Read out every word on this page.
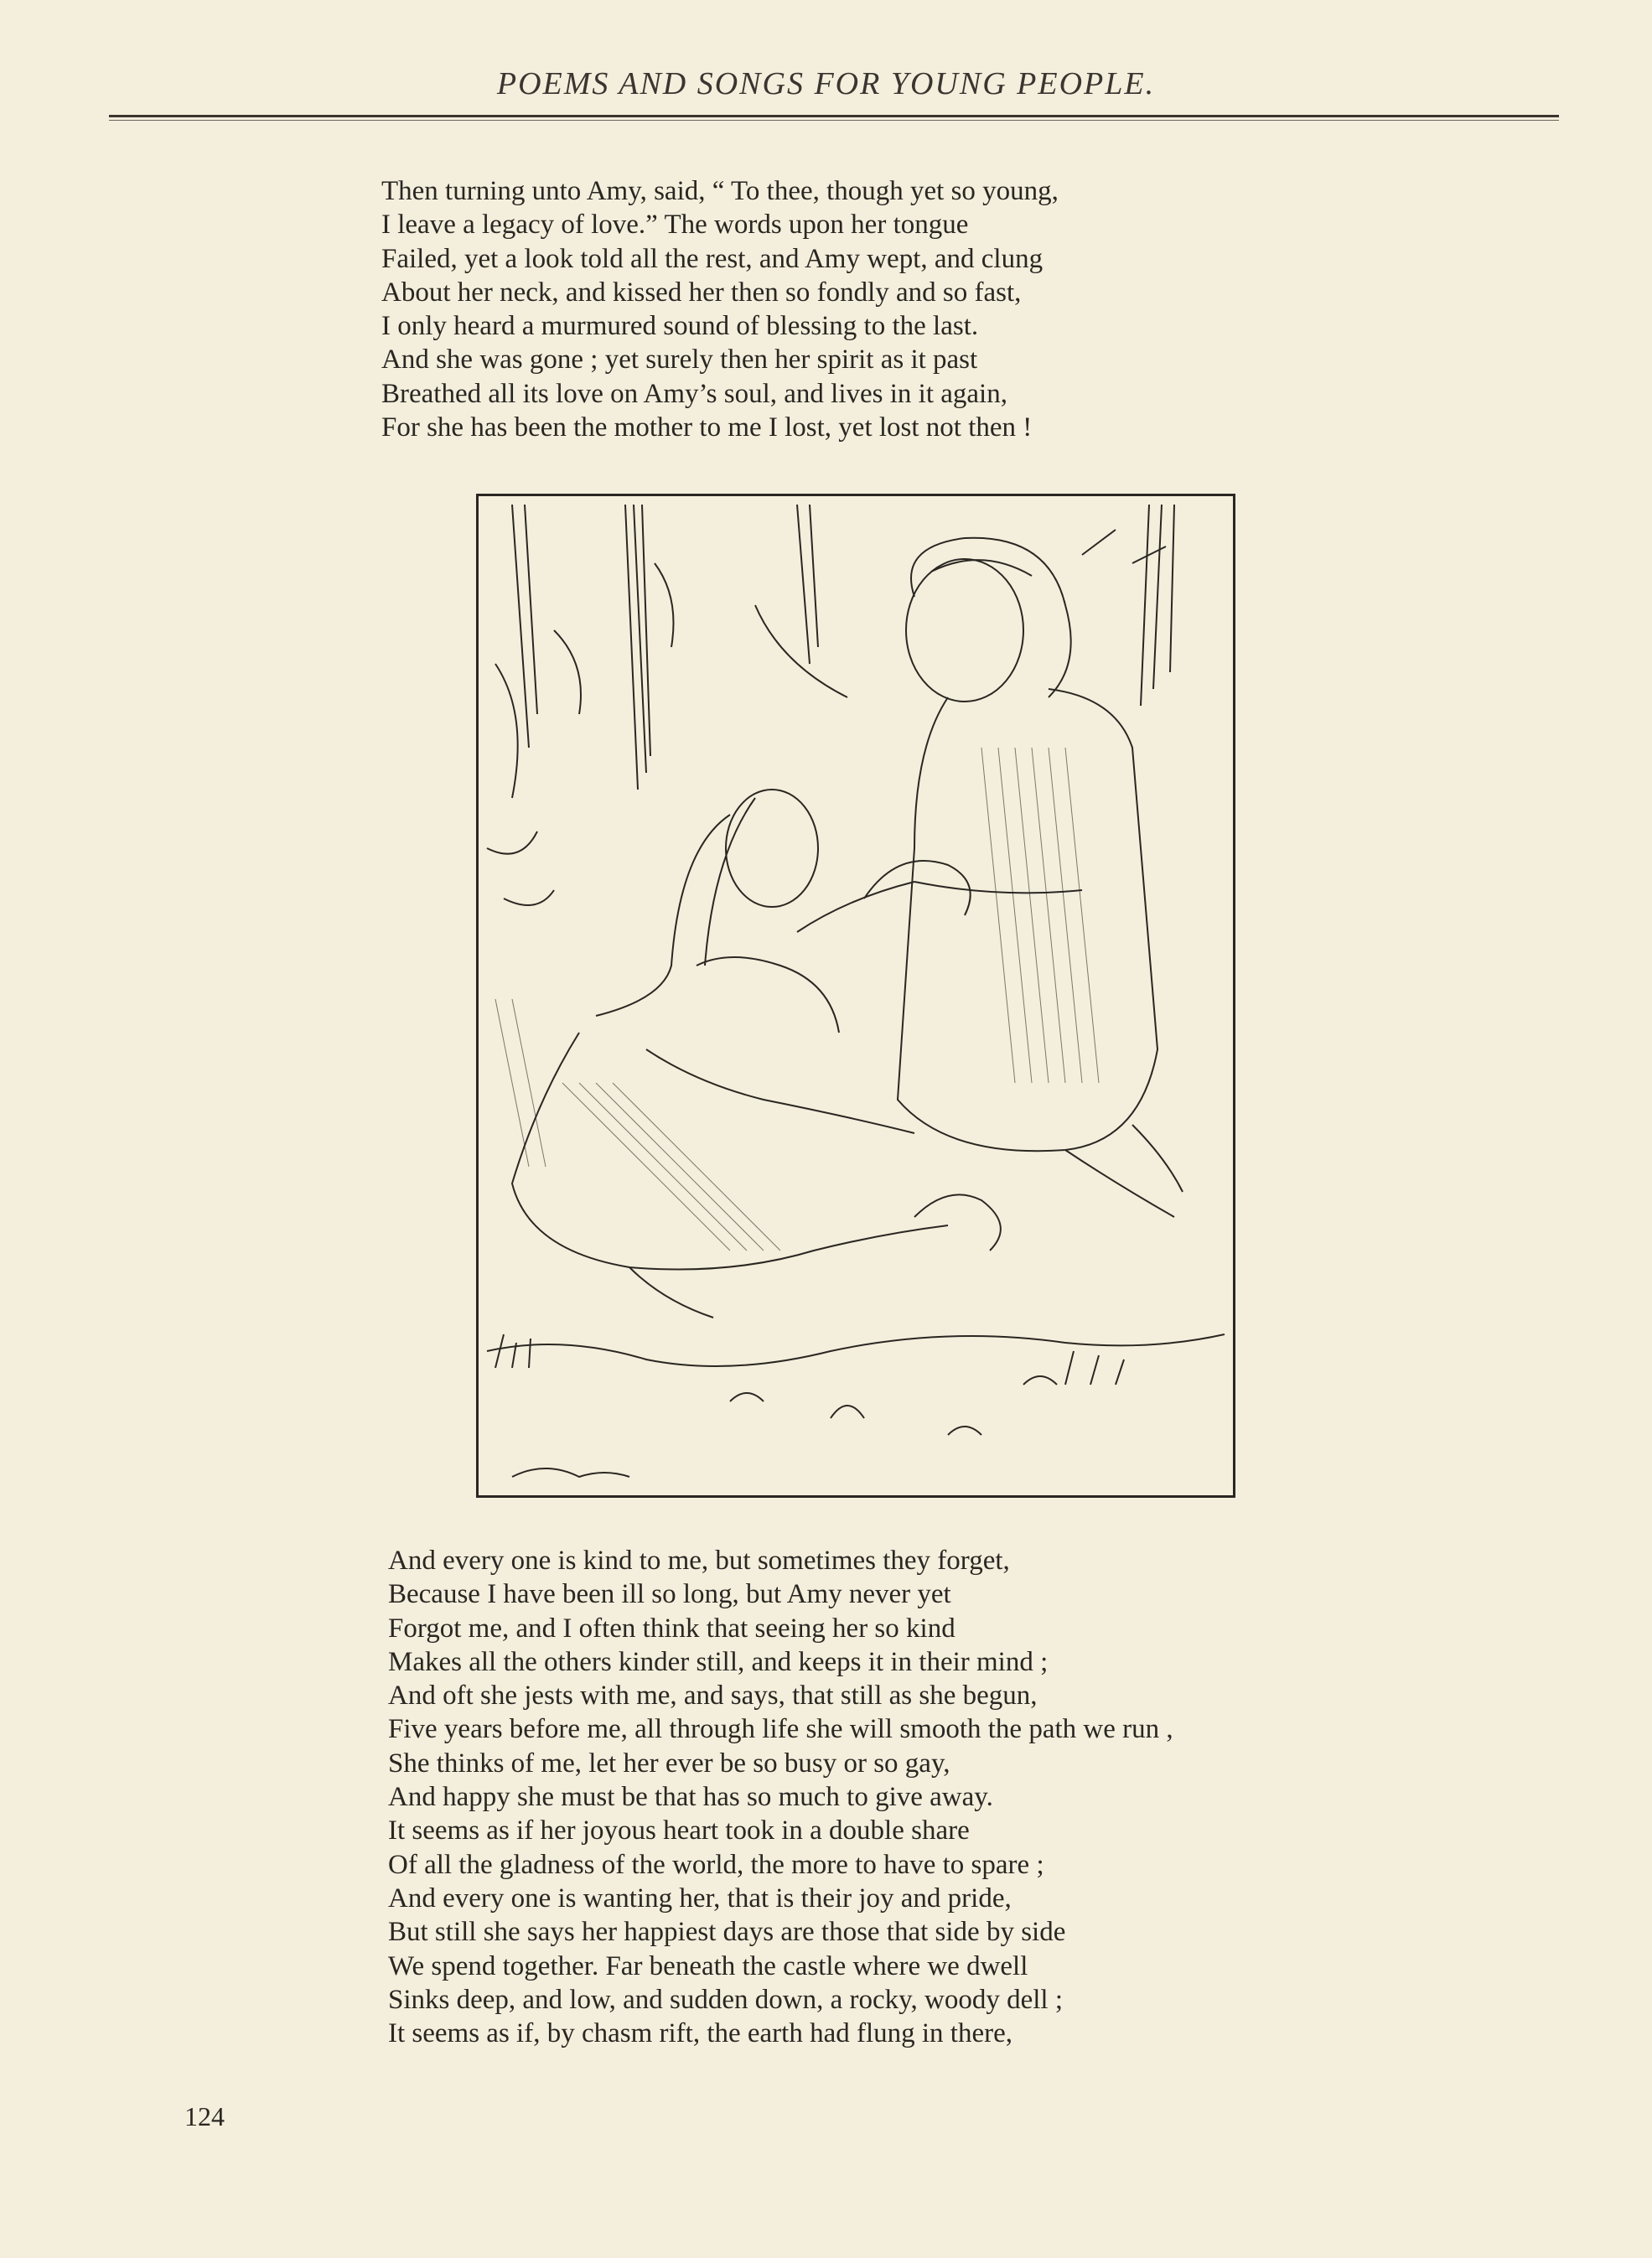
POEMS AND SONGS FOR YOUNG PEOPLE.
Then turning unto Amy, said, “ To thee, though yet so young,
I leave a legacy of love.” The words upon her tongue
Failed, yet a look told all the rest, and Amy wept, and clung
About her neck, and kissed her then so fondly and so fast,
I only heard a murmured sound of blessing to the last.
And she was gone ; yet surely then her spirit as it past
Breathed all its love on Amy’s soul, and lives in it again,
For she has been the mother to me I lost, yet lost not then !
And every one is kind to me, but sometimes they forget,
Because I have been ill so long, but Amy never yet
Forgot me, and I often think that seeing her so kind
Makes all the others kinder still, and keeps it in their mind ;
And oft she jests with me, and says, that still as she begun,
Five years before me, all through life she will smooth the path we run ,
She thinks of me, let her ever be so busy or so gay,
And happy she must be that has so much to give away.
It seems as if her joyous heart took in a double share
Of all the gladness of the world, the more to have to spare ;
And every one is wanting her, that is their joy and pride,
But still she says her happiest days are those that side by side
We spend together. Far beneath the castle where we dwell
Sinks deep, and low, and sudden down, a rocky, woody dell ;
It seems as if, by chasm rift, the earth had flung in there,
124
